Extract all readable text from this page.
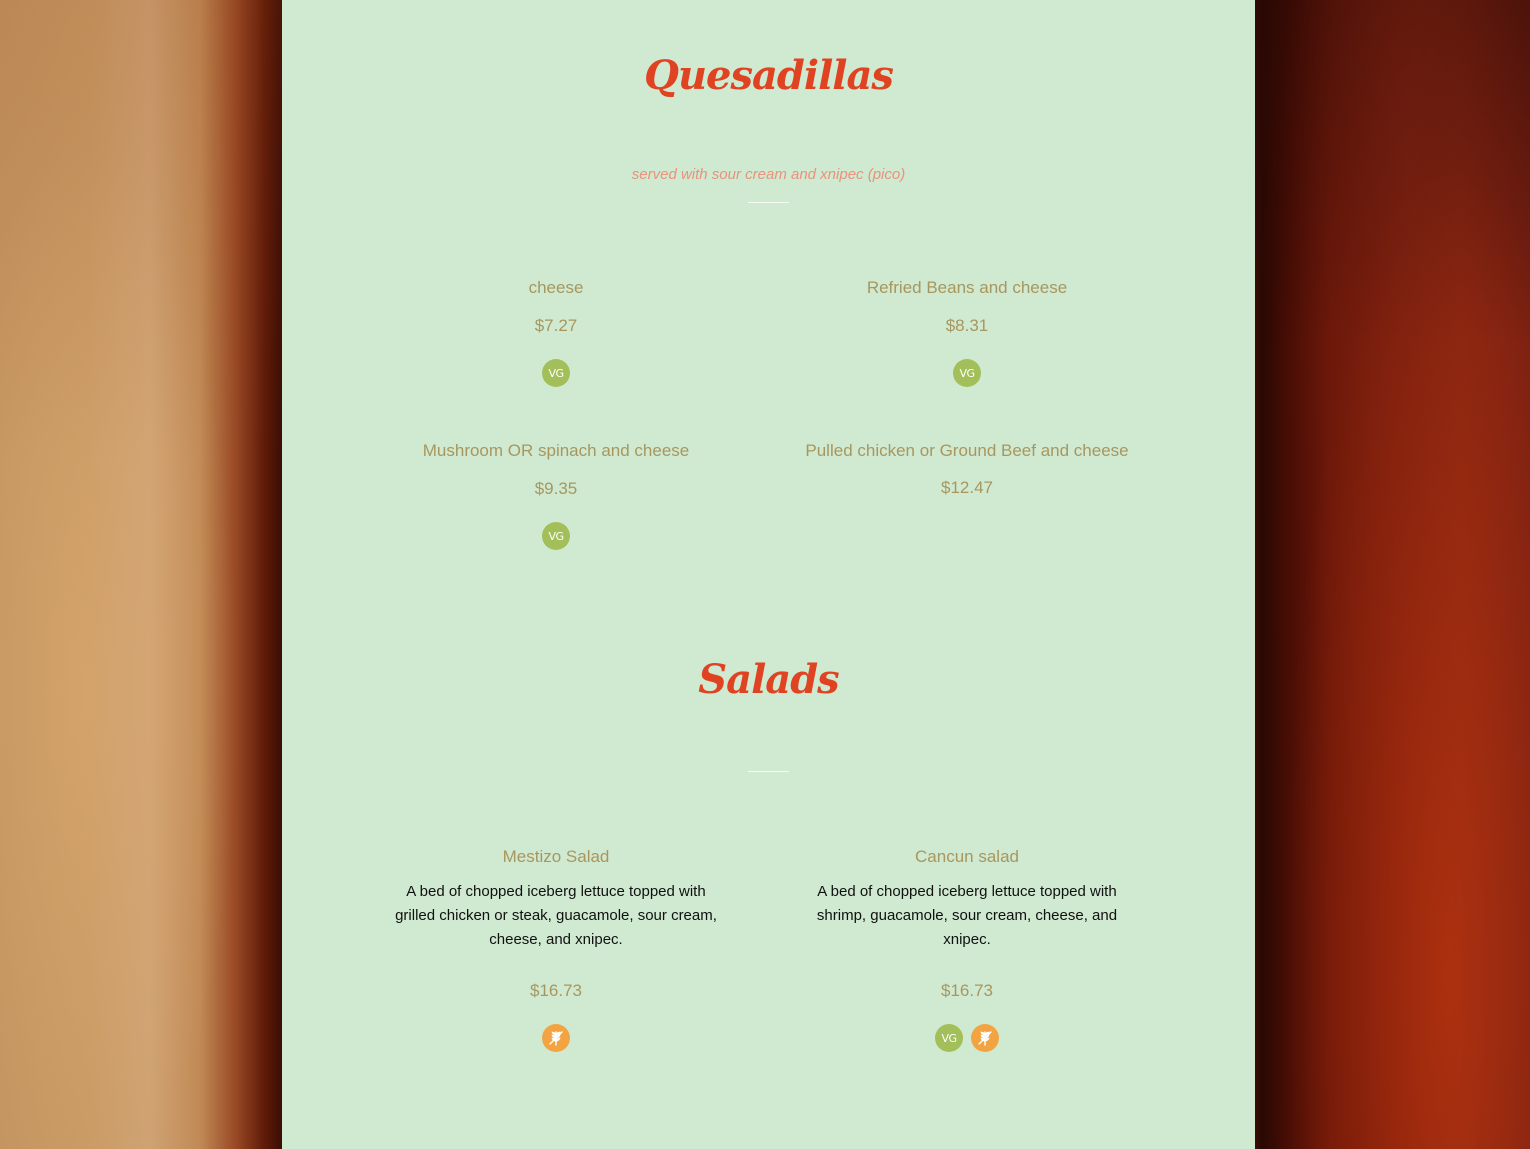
Quesadillas

served with sour cream and xnipec (pico)

cheese

$7.27

VG

Refried Beans and cheese

$8.31

VG

Mushroom OR spinach and cheese

$9.35

VG

Pulled chicken or Ground Beef and cheese

$12.47

Salads

Mestizo Salad

A bed of chopped iceberg lettuce topped with grilled chicken or steak, guacamole, sour cream, cheese, and xnipec.

$16.73

Cancun salad

A bed of chopped iceberg lettuce topped with shrimp, guacamole, sour cream, cheese, and xnipec.

$16.73

VG
